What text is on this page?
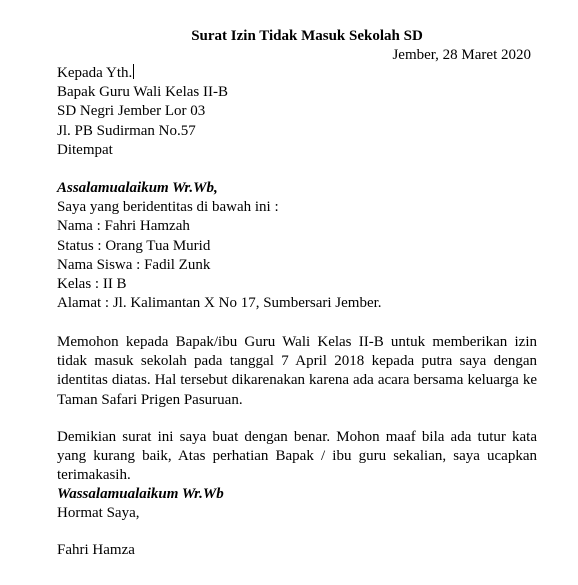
Surat Izin Tidak Masuk Sekolah SD
Jember, 28 Maret 2020
Kepada Yth.
Bapak Guru Wali Kelas II-B
SD Negri Jember Lor 03
Jl. PB Sudirman No.57
Ditempat
Assalamualaikum Wr.Wb,
Saya yang beridentitas di bawah ini :
Nama : Fahri Hamzah
Status : Orang Tua Murid
Nama Siswa : Fadil Zunk
Kelas : II B
Alamat : Jl. Kalimantan X No 17, Sumbersari Jember.
Memohon kepada Bapak/ibu Guru Wali Kelas II-B untuk memberikan izin tidak masuk sekolah pada tanggal 7 April 2018 kepada putra saya dengan identitas diatas. Hal tersebut dikarenakan karena ada acara bersama keluarga ke Taman Safari Prigen Pasuruan.
Demikian surat ini saya buat dengan benar. Mohon maaf bila ada tutur kata yang kurang baik, Atas perhatian Bapak / ibu guru sekalian, saya ucapkan terimakasih.
Wassalamualaikum Wr.Wb
Hormat Saya,
Fahri Hamza
